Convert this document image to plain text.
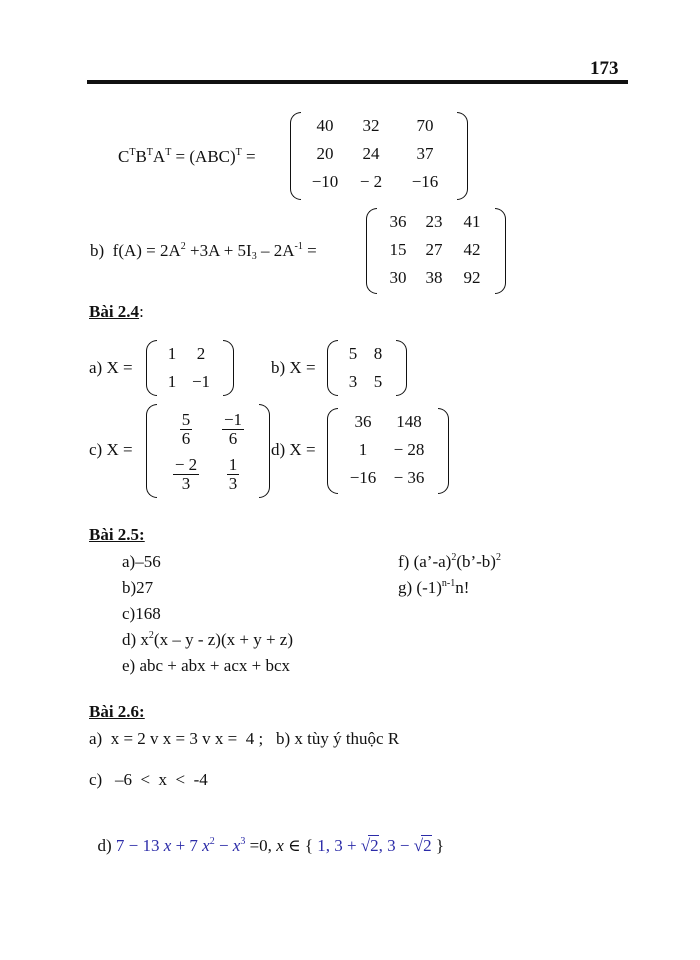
173
$C^TB^TA^T = (ABC)^T$ =
40	32	70
20	24	37
−10	− 2	−16
b) $f(A) = 2A^2 +3A + 5I_3 - 2A^{-1}$ =
36	23	41
15	27	42
30	38	92
Bài 2.4:
a) X =
1	2
1 −1
b) X =
5 8
3 5
c) X =
$\frac{5}{6} \frac{-1}{6}$
$\frac{- 2}{3} \frac{1}{3}$
d) X =
36	148
1	− 28
−16	− 36
Bài 2.5:
a)–56
b)27
c)168
d) $x^2(x - y - z)(x + y + z)$
e) abc + abx + acx + bcx
f) (a’-a)$^2$(b’-b)$^2$
g) $(-1)^{n-1}n$!
Bài 2.6:
a)  x = 2 v x = 3 v x =  4 ;   b) x tùy ý thuộc R
c)   –6  <  x  <  -4

d) 7 − 13 x + 7 $x^2 - x^3 =0$, x ∈ { 1, 3 + √2, 3 − √2 }
